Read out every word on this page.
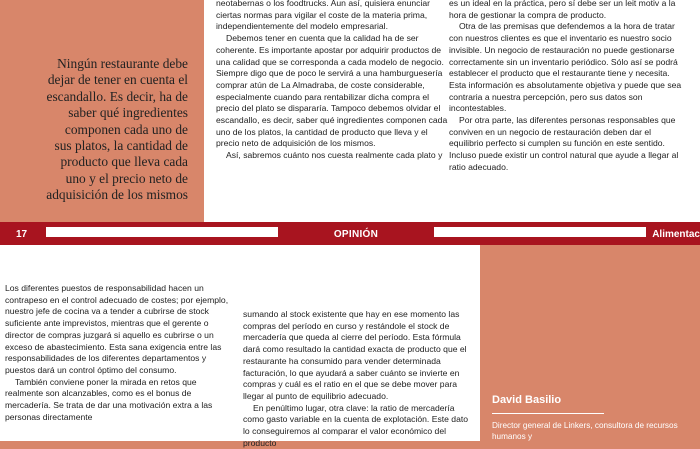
Ningún restaurante debe dejar de tener en cuenta el escandallo. Es decir, ha de saber qué ingredientes componen cada uno de sus platos, la cantidad de producto que lleva cada uno y el precio neto de adquisición de los mismos

neotabernas o los foodtrucks. Aun así, quisiera enunciar ciertas normas para vigilar el coste de la materia prima, independientemente del modelo empresarial.

Debemos tener en cuenta que la calidad ha de ser coherente. Es importante apostar por adquirir productos de una calidad que se corresponda a cada modelo de negocio. Siempre digo que de poco le servirá a una hamburguesería comprar atún de La Almadraba, de coste considerable, especialmente cuando para rentabilizar dicha compra el precio del plato se dispararía. Tampoco debemos olvidar el escandallo, es decir, saber qué ingredientes componen cada uno de los platos, la cantidad de producto que lleva y el precio neto de adquisición de los mismos.

Así, sabremos cuánto nos cuesta realmente cada plato y

es un ideal en la práctica, pero sí debe ser un leit motiv a la hora de gestionar la compra de producto.

Otra de las premisas que defendemos a la hora de tratar con nuestros clientes es que el inventario es nuestro socio invisible. Un negocio de restauración no puede gestionarse correctamente sin un inventario periódico. Sólo así se podrá establecer el producto que el restaurante tiene y necesita. Esta información es absolutamente objetiva y puede que sea contraria a nuestra percepción, pero sus datos son incontestables.

Por otra parte, las diferentes personas responsables que conviven en un negocio de restauración deben dar el equilibrio perfecto si cumplen su función en este sentido. Incluso puede existir un control natural que ayude a llegar al ratio adecuado.

17	OPINIÓN	Alimentac

Los diferentes puestos de responsabilidad hacen un contrapeso en el control adecuado de costes; por ejemplo, nuestro jefe de cocina va a tender a cubrirse de stock suficiente ante imprevistos, mientras que el gerente o director de compras juzgará si aquello es cubrirse o un exceso de abastecimiento. Esta sana exigencia entre las responsabilidades de los diferentes departamentos y puestos dará un control óptimo del consumo.

También conviene poner la mirada en retos que realmente son alcanzables, como es el bonus de mercadería. Se trata de dar una motivación extra a las personas directamente

sumando al stock existente que hay en ese momento las compras del período en curso y restándole el stock de mercadería que queda al cierre del período. Esta fórmula dará como resultado la cantidad exacta de producto que el restaurante ha consumido para vender determinada facturación, lo que ayudará a saber cuánto se invierte en compras y cuál es el ratio en el que se debe mover para llegar al punto de equilibrio adecuado.

En penúltimo lugar, otra clave: la ratio de mercadería como gasto variable en la cuenta de explotación. Este dato lo conseguiremos al comparar el valor económico del producto

David Basilio
Director general de Linkers, consultora de recursos humanos y
